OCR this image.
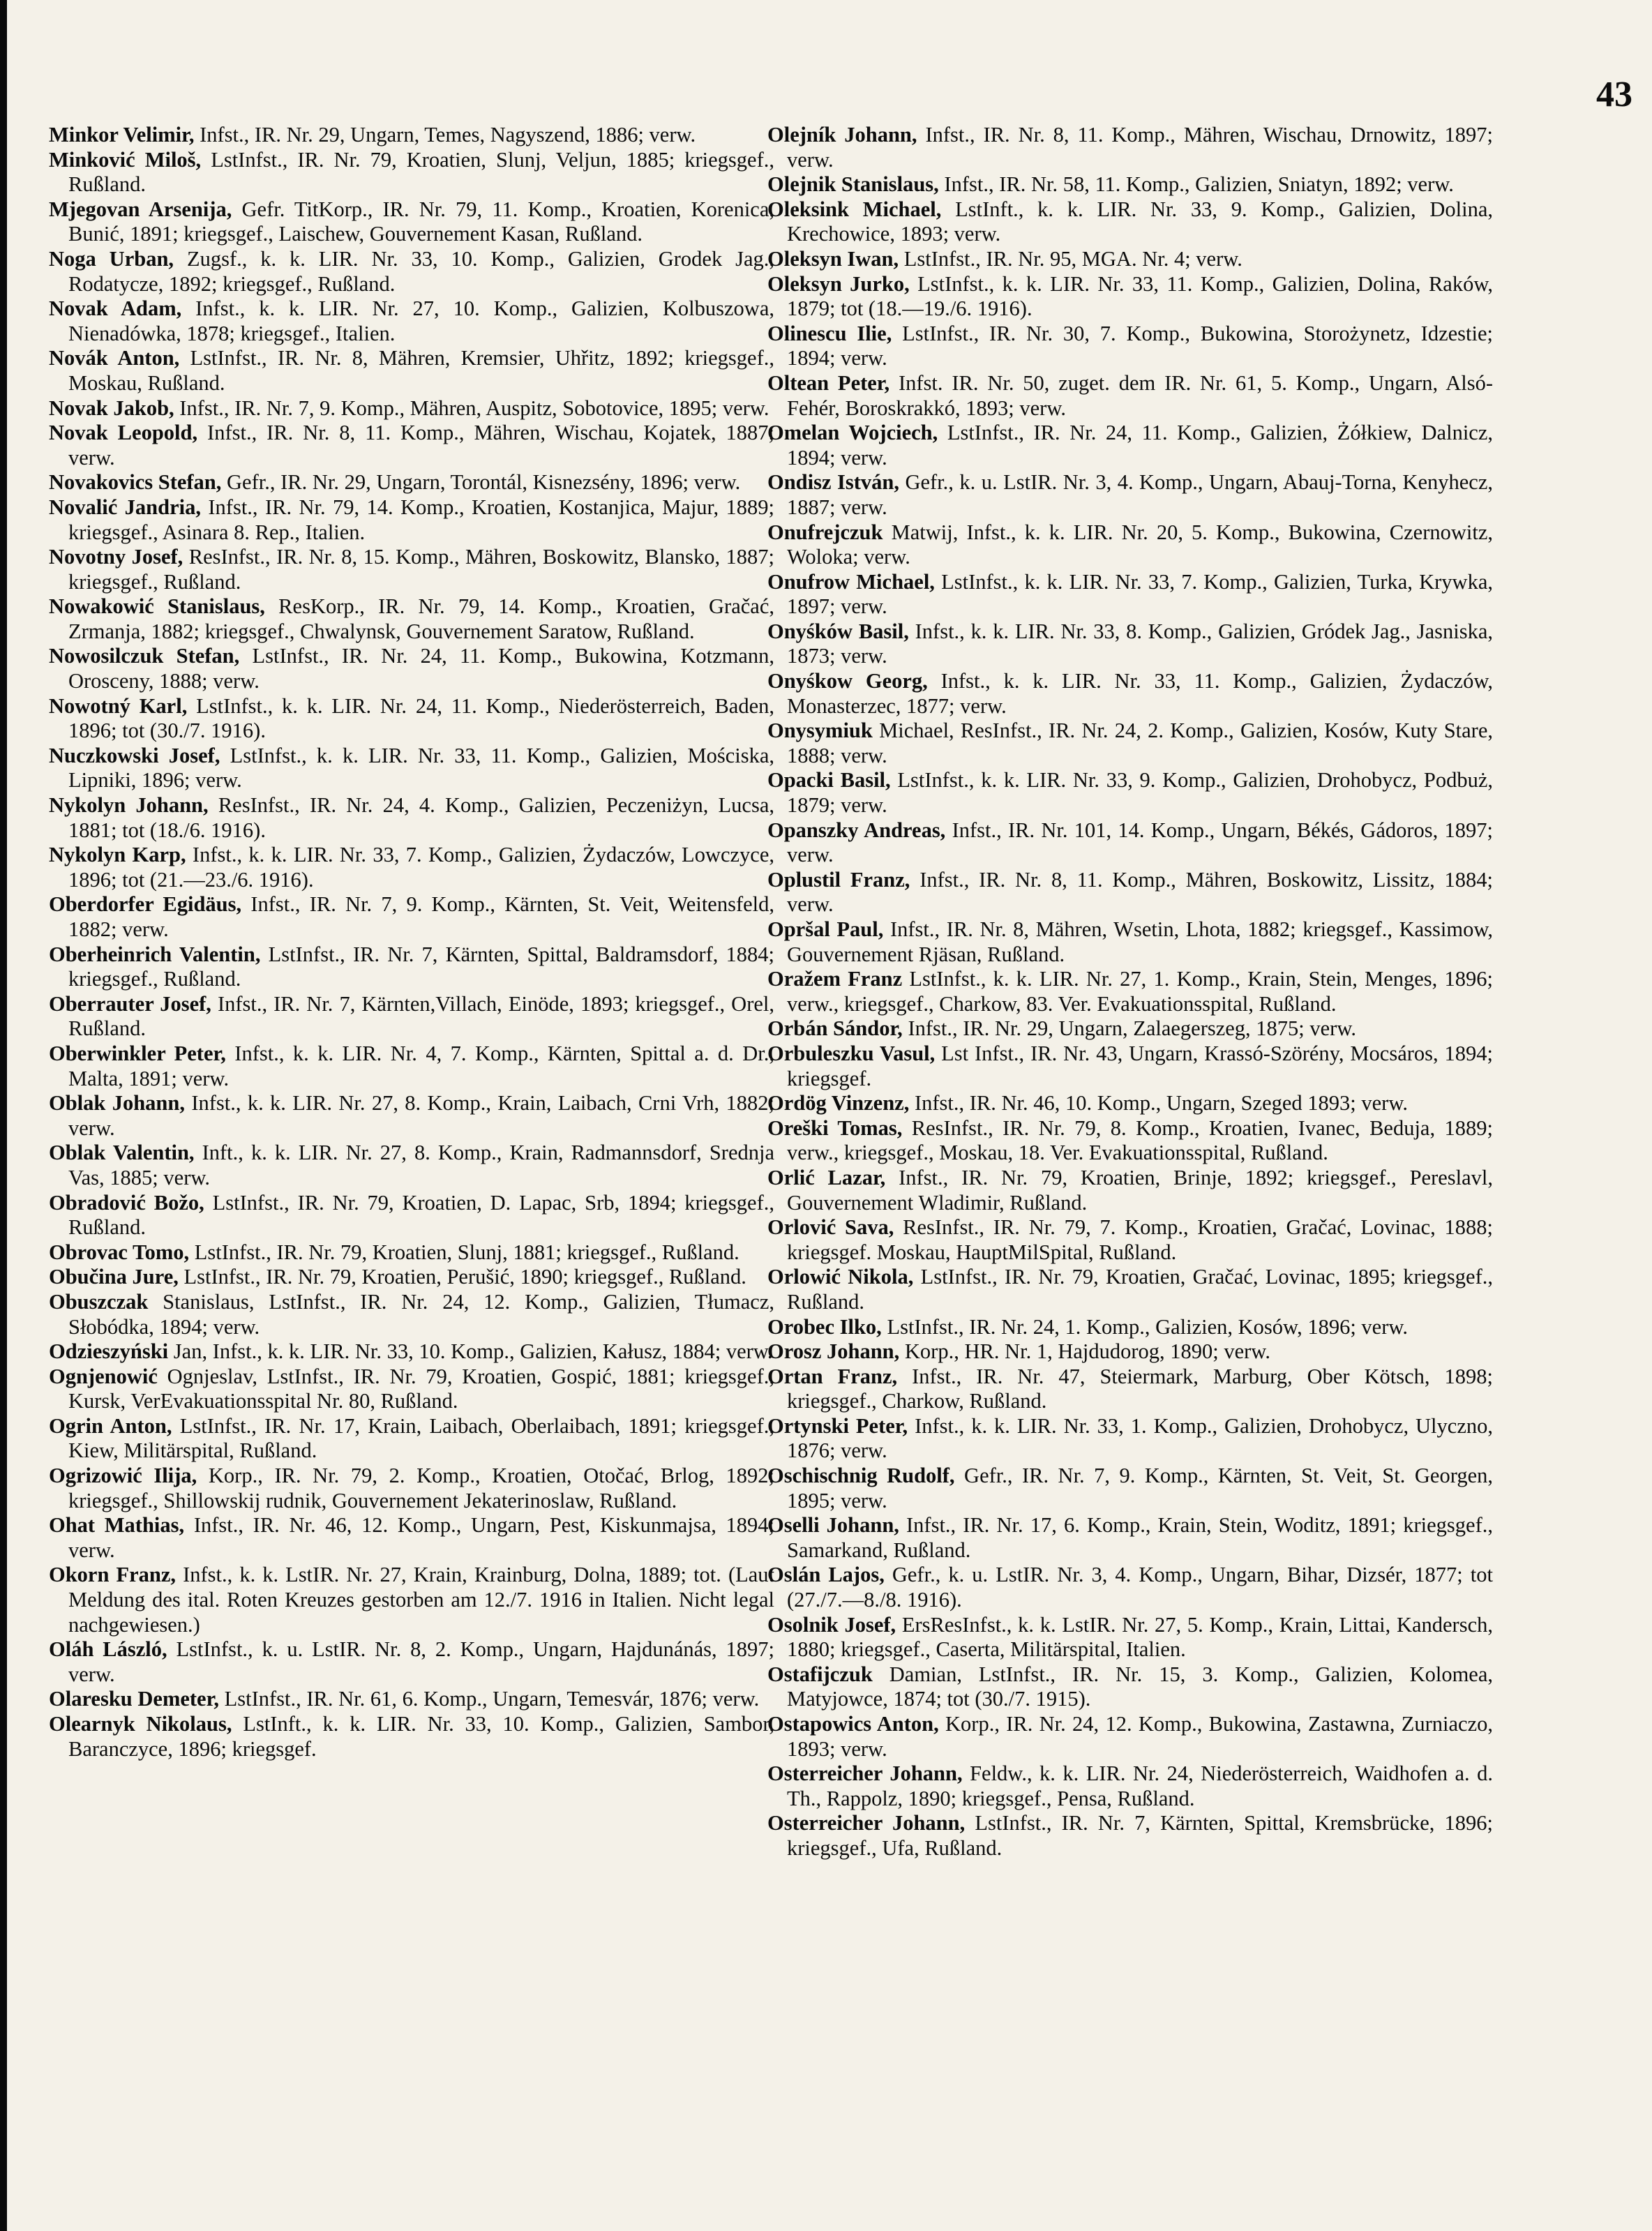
43

Minkor Velimir, Infst., IR. Nr. 29, Ungarn, Temes, Nagyszend, 1886; verw.

Minković Miloš, LstInfst., IR. Nr. 79, Kroatien, Slunj, Veljun, 1885; kriegsgef., Rußland.

Mjegovan Arsenija, Gefr. TitKorp., IR. Nr. 79, 11. Komp., Kroatien, Korenica, Bunić, 1891; kriegsgef., Laischew, Gouvernement Kasan, Rußland.

Noga Urban, Zugsf., k. k. LIR. Nr. 33, 10. Komp., Galizien, Grodek Jag., Rodatycze, 1892; kriegsgef., Rußland.

Novak Adam, Infst., k. k. LIR. Nr. 27, 10. Komp., Galizien, Kolbuszowa, Nienadówka, 1878; kriegsgef., Italien.

Novák Anton, LstInfst., IR. Nr. 8, Mähren, Kremsier, Uhřitz, 1892; kriegsgef., Moskau, Rußland.

Novak Jakob, Infst., IR. Nr. 7, 9. Komp., Mähren, Auspitz, Sobotovice, 1895; verw.

Novak Leopold, Infst., IR. Nr. 8, 11. Komp., Mähren, Wischau, Kojatek, 1887; verw.

Novakovics Stefan, Gefr., IR. Nr. 29, Ungarn, Torontál, Kisnezsény, 1896; verw.

Novalić Jandria, Infst., IR. Nr. 79, 14. Komp., Kroatien, Kostanjica, Majur, 1889; kriegsgef., Asinara 8. Rep., Italien.

Novotny Josef, ResInfst., IR. Nr. 8, 15. Komp., Mähren, Boskowitz, Blansko, 1887; kriegsgef., Rußland.

Nowakowić Stanislaus, ResKorp., IR. Nr. 79, 14. Komp., Kroatien, Gračać, Zrmanja, 1882; kriegsgef., Chwalynsk, Gouvernement Saratow, Rußland.

Nowosilczuk Stefan, LstInfst., IR. Nr. 24, 11. Komp., Bukowina, Kotzmann, Orosceny, 1888; verw.

Nowotný Karl, LstInfst., k. k. LIR. Nr. 24, 11. Komp., Niederösterreich, Baden, 1896; tot (30./7. 1916).

Nuczkowski Josef, LstInfst., k. k. LIR. Nr. 33, 11. Komp., Galizien, Mościska, Lipniki, 1896; verw.

Nykolyn Johann, ResInfst., IR. Nr. 24, 4. Komp., Galizien, Peczeniżyn, Lucsa, 1881; tot (18./6. 1916).

Nykolyn Karp, Infst., k. k. LIR. Nr. 33, 7. Komp., Galizien, Żydaczów, Lowczyce, 1896; tot (21.—23./6. 1916).

Oberdorfer Egidäus, Infst., IR. Nr. 7, 9. Komp., Kärnten, St. Veit, Weitensfeld, 1882; verw.

Oberheinrich Valentin, LstInfst., IR. Nr. 7, Kärnten, Spittal, Baldramsdorf, 1884; kriegsgef., Rußland.

Oberrauter Josef, Infst., IR. Nr. 7, Kärnten,Villach, Einöde, 1893; kriegsgef., Orel, Rußland.

Oberwinkler Peter, Infst., k. k. LIR. Nr. 4, 7. Komp., Kärnten, Spittal a. d. Dr., Malta, 1891; verw.

Oblak Johann, Infst., k. k. LIR. Nr. 27, 8. Komp., Krain, Laibach, Crni Vrh, 1882; verw.

Oblak Valentin, Inft., k. k. LIR. Nr. 27, 8. Komp., Krain, Radmannsdorf, Srednja Vas, 1885; verw.

Obradović Božo, LstInfst., IR. Nr. 79, Kroatien, D. Lapac, Srb, 1894; kriegsgef., Rußland.

Obrovac Tomo, LstInfst., IR. Nr. 79, Kroatien, Slunj, 1881; kriegsgef., Rußland.

Obučina Jure, LstInfst., IR. Nr. 79, Kroatien, Perušić, 1890; kriegsgef., Rußland.

Obuszczak Stanislaus, LstInfst., IR. Nr. 24, 12. Komp., Galizien, Tłumacz, Słobódka, 1894; verw.

Odzieszyński Jan, Infst., k. k. LIR. Nr. 33, 10. Komp., Galizien, Kałusz, 1884; verw.

Ognjenowić Ognjeslav, LstInfst., IR. Nr. 79, Kroatien, Gospić, 1881; kriegsgef., Kursk, VerEvakuationsspital Nr. 80, Rußland.

Ogrin Anton, LstInfst., IR. Nr. 17, Krain, Laibach, Oberlaibach, 1891; kriegsgef., Kiew, Militärspital, Rußland.

Ogrizowić Ilija, Korp., IR. Nr. 79, 2. Komp., Kroatien, Otočać, Brlog, 1892; kriegsgef., Shillowskij rudnik, Gouvernement Jekaterinoslaw, Rußland.

Ohat Mathias, Infst., IR. Nr. 46, 12. Komp., Ungarn, Pest, Kiskunmajsa, 1894; verw.

Okorn Franz, Infst., k. k. LstIR. Nr. 27, Krain, Krainburg, Dolna, 1889; tot. (Laut Meldung des ital. Roten Kreuzes gestorben am 12./7. 1916 in Italien. Nicht legal nachgewiesen.)

Oláh László, LstInfst., k. u. LstIR. Nr. 8, 2. Komp., Ungarn, Hajdunánás, 1897; verw.

Olaresku Demeter, LstInfst., IR. Nr. 61, 6. Komp., Ungarn, Temesvár, 1876; verw.

Olearnyk Nikolaus, LstInft., k. k. LIR. Nr. 33, 10. Komp., Galizien, Sambor, Baranczyce, 1896; kriegsgef.

Olejník Johann, Infst., IR. Nr. 8, 11. Komp., Mähren, Wischau, Drnowitz, 1897; verw.

Olejnik Stanislaus, Infst., IR. Nr. 58, 11. Komp., Galizien, Sniatyn, 1892; verw.

Oleksink Michael, LstInft., k. k. LIR. Nr. 33, 9. Komp., Galizien, Dolina, Krechowice, 1893; verw.

Oleksyn Iwan, LstInfst., IR. Nr. 95, MGA. Nr. 4; verw.

Oleksyn Jurko, LstInfst., k. k. LIR. Nr. 33, 11. Komp., Galizien, Dolina, Raków, 1879; tot (18.—19./6. 1916).

Olinescu Ilie, LstInfst., IR. Nr. 30, 7. Komp., Bukowina, Storożynetz, Idzestie; 1894; verw.

Oltean Peter, Infst. IR. Nr. 50, zuget. dem IR. Nr. 61, 5. Komp., Ungarn, Alsó-Fehér, Boroskrakkó, 1893; verw.

Omelan Wojciech, LstInfst., IR. Nr. 24, 11. Komp., Galizien, Żółkiew, Dalnicz, 1894; verw.

Ondisz István, Gefr., k. u. LstIR. Nr. 3, 4. Komp., Ungarn, Abauj-Torna, Kenyhecz, 1887; verw.

Onufrejczuk Matwij, Infst., k. k. LIR. Nr. 20, 5. Komp., Bukowina, Czernowitz, Woloka; verw.

Onufrow Michael, LstInfst., k. k. LIR. Nr. 33, 7. Komp., Galizien, Turka, Krywka, 1897; verw.

Onyśków Basil, Infst., k. k. LIR. Nr. 33, 8. Komp., Galizien, Gródek Jag., Jasniska, 1873; verw.

Onyśkow Georg, Infst., k. k. LIR. Nr. 33, 11. Komp., Galizien, Żydaczów, Monasterzec, 1877; verw.

Onysymiuk Michael, ResInfst., IR. Nr. 24, 2. Komp., Galizien, Kosów, Kuty Stare, 1888; verw.

Opacki Basil, LstInfst., k. k. LIR. Nr. 33, 9. Komp., Galizien, Drohobycz, Podbuż, 1879; verw.

Opanszky Andreas, Infst., IR. Nr. 101, 14. Komp., Ungarn, Békés, Gádoros, 1897; verw.

Oplustil Franz, Infst., IR. Nr. 8, 11. Komp., Mähren, Boskowitz, Lissitz, 1884; verw.

Opršal Paul, Infst., IR. Nr. 8, Mähren, Wsetin, Lhota, 1882; kriegsgef., Kassimow, Gouvernement Rjäsan, Rußland.

Oražem Franz LstInfst., k. k. LIR. Nr. 27, 1. Komp., Krain, Stein, Menges, 1896; verw., kriegsgef., Charkow, 83. Ver. Evakuationsspital, Rußland.

Orbán Sándor, Infst., IR. Nr. 29, Ungarn, Zalaegerszeg, 1875; verw.

Orbuleszku Vasul, Lst Infst., IR. Nr. 43, Ungarn, Krassó-Szörény, Mocsáros, 1894; kriegsgef.

Ordög Vinzenz, Infst., IR. Nr. 46, 10. Komp., Ungarn, Szeged 1893; verw.

Oreški Tomas, ResInfst., IR. Nr. 79, 8. Komp., Kroatien, Ivanec, Beduja, 1889; verw., kriegsgef., Moskau, 18. Ver. Evakuationsspital, Rußland.

Orlić Lazar, Infst., IR. Nr. 79, Kroatien, Brinje, 1892; kriegsgef., Pereslavl, Gouvernement Wladimir, Rußland.

Orlović Sava, ResInfst., IR. Nr. 79, 7. Komp., Kroatien, Gračać, Lovinac, 1888; kriegsgef. Moskau, HauptMilSpital, Rußland.

Orlowić Nikola, LstInfst., IR. Nr. 79, Kroatien, Gračać, Lovinac, 1895; kriegsgef., Rußland.

Orobec Ilko, LstInfst., IR. Nr. 24, 1. Komp., Galizien, Kosów, 1896; verw.

Orosz Johann, Korp., HR. Nr. 1, Hajdudorog, 1890; verw.

Ortan Franz, Infst., IR. Nr. 47, Steiermark, Marburg, Ober Kötsch, 1898; kriegsgef., Charkow, Rußland.

Ortynski Peter, Infst., k. k. LIR. Nr. 33, 1. Komp., Galizien, Drohobycz, Ulyczno, 1876; verw.

Oschischnig Rudolf, Gefr., IR. Nr. 7, 9. Komp., Kärnten, St. Veit, St. Georgen, 1895; verw.

Oselli Johann, Infst., IR. Nr. 17, 6. Komp., Krain, Stein, Woditz, 1891; kriegsgef., Samarkand, Rußland.

Oslán Lajos, Gefr., k. u. LstIR. Nr. 3, 4. Komp., Ungarn, Bihar, Dizsér, 1877; tot (27./7.—8./8. 1916).

Osolnik Josef, ErsResInfst., k. k. LstIR. Nr. 27, 5. Komp., Krain, Littai, Kandersch, 1880; kriegsgef., Caserta, Militärspital, Italien.

Ostafijczuk Damian, LstInfst., IR. Nr. 15, 3. Komp., Galizien, Kolomea, Matyjowce, 1874; tot (30./7. 1915).

Ostapowics Anton, Korp., IR. Nr. 24, 12. Komp., Bukowina, Zastawna, Zurniaczo, 1893; verw.

Osterreicher Johann, Feldw., k. k. LIR. Nr. 24, Niederösterreich, Waidhofen a. d. Th., Rappolz, 1890; kriegsgef., Pensa, Rußland.

Osterreicher Johann, LstInfst., IR. Nr. 7, Kärnten, Spittal, Kremsbrücke, 1896; kriegsgef., Ufa, Rußland.
